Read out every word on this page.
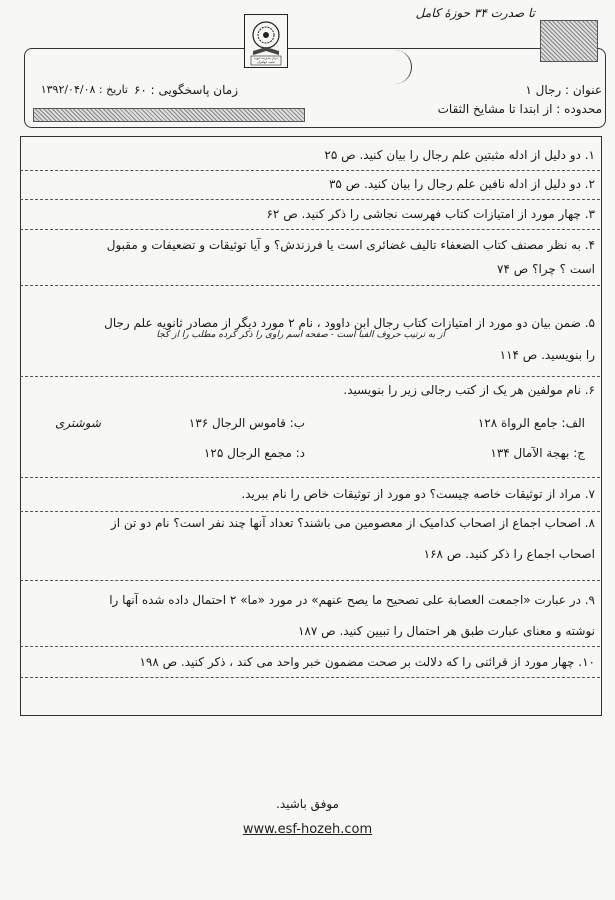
تا صدرت ۳۴ حوزهٔ کامل
مرکز مدیریت حوزه علمیه خواهران
زمان پاسخگویی : ۶۰
تاریخ : ۱۳۹۲/۰۴/۰۸	عنوان : رجال ۱
محدوده : از ابتدا تا مشایخ الثقات
۱. دو دلیل از ادله مثبتین علم رجال را بیان کنید. ص ۲۵
۲. دو دلیل از ادله نافین علم رجال را بیان کنید. ص ۳۵
۳. چهار مورد از امتیازات کتاب فهرست نجاشی را ذکر کنید. ص ۶۲
۴. به نظر مصنف کتاب الضعفاء تالیف غضائری است یا فرزندش؟ و آیا توثیقات و تضعیفات و مقبول
است ؟ چرا؟ ص ۷۴
۵. ضمن بیان دو مورد از امتیازات کتاب رجال ابن داوود ، نام ۲ مورد دیگر از مصادر ثانویه علم رجال
از به ترتیب حروف الفبا است - صفحه اسم راوی را ذکر کرده مطلب را از کجا
را بنویسید. ص ۱۱۴
۶. نام مولفین هر یک از کتب رجالی زیر را بنویسید.
الف: جامع الرواة ۱۲۸
ب: قاموس الرجال ۱۳۶
شوشتری
ج: بهجة الآمال ۱۳۴
د: مجمع الرجال ۱۲۵
۷. مراد از توثیقات خاصه چیست؟ دو مورد از توثیقات خاص را نام ببرید.
۸. اصحاب اجماع از اصحاب کدامیک از معصومین می باشند؟ تعداد آنها چند نفر است؟ نام دو تن از
اصحاب اجماع را ذکر کنید. ص ۱۶۸
۹. در عبارت «اجمعت العصابة علی تصحیح ما یصح عنهم» در مورد «ما» ۲ احتمال داده شده آنها را
نوشته و معنای عبارت طبق هر احتمال را تبیین کنید. ص ۱۸۷
۱۰. چهار مورد از قرائنی را که دلالت بر صحت مضمون خبر واحد می کند ، ذکر کنید. ص ۱۹۸
موفق باشید.
www.esf-hozeh.com
